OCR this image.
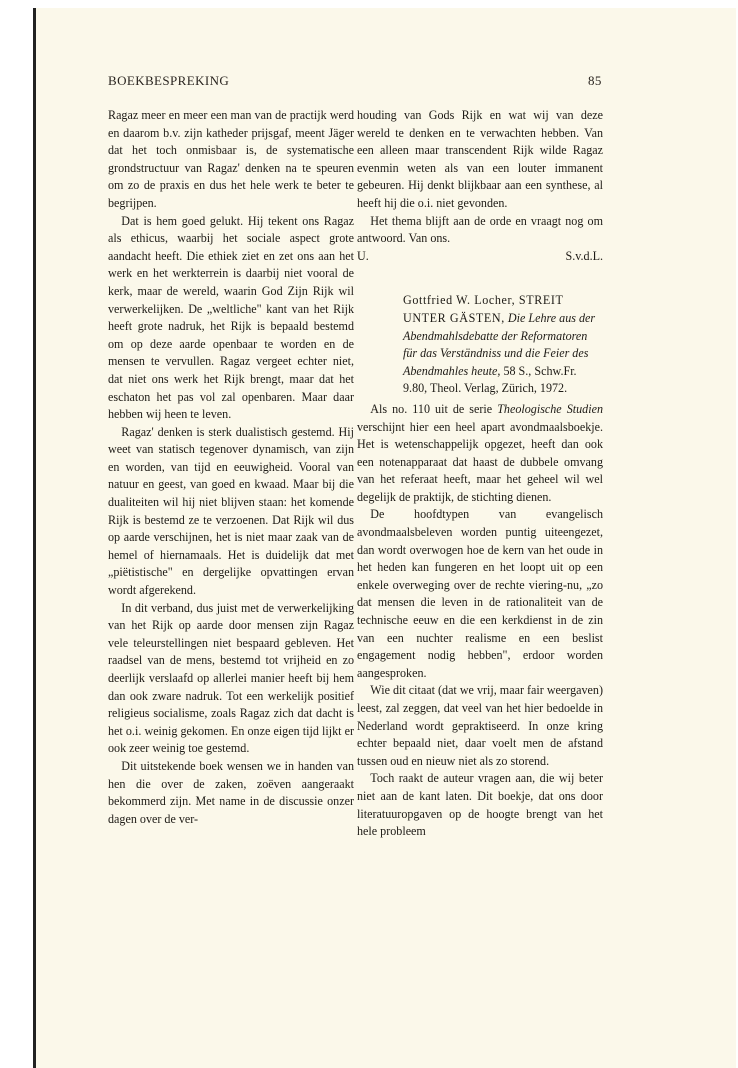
BOEKBESPREKING	85

Ragaz meer en meer een man van de practijk werd en daarom b.v. zijn katheder prijsgaf, meent Jäger dat het toch onmisbaar is, de systematische grondstructuur van Ragaz' denken na te speuren om zo de praxis en dus het hele werk te beter te begrijpen.

Dat is hem goed gelukt. Hij tekent ons Ragaz als ethicus, waarbij het sociale aspect grote aandacht heeft. Die ethiek ziet en zet ons aan het werk en het werkterrein is daarbij niet vooral de kerk, maar de wereld, waarin God Zijn Rijk wil verwerkelijken. De „weltliche" kant van het Rijk heeft grote nadruk, het Rijk is bepaald bestemd om op deze aarde openbaar te worden en de mensen te vervullen. Ragaz vergeet echter niet, dat niet ons werk het Rijk brengt, maar dat het eschaton het pas vol zal openbaren. Maar daar hebben wij heen te leven.

Ragaz' denken is sterk dualistisch gestemd. Hij weet van statisch tegenover dynamisch, van zijn en worden, van tijd en eeuwigheid. Vooral van natuur en geest, van goed en kwaad. Maar bij die dualiteiten wil hij niet blijven staan: het komende Rijk is bestemd ze te verzoenen. Dat Rijk wil dus op aarde verschijnen, het is niet maar zaak van de hemel of hiernamaals. Het is duidelijk dat met „piëtistische" en dergelijke opvattingen ervan wordt afgerekend.

In dit verband, dus juist met de verwerkelijking van het Rijk op aarde door mensen zijn Ragaz vele teleurstellingen niet bespaard gebleven. Het raadsel van de mens, bestemd tot vrijheid en zo deerlijk verslaafd op allerlei manier heeft bij hem dan ook zware nadruk. Tot een werkelijk positief religieus socialisme, zoals Ragaz zich dat dacht is het o.i. weinig gekomen. En onze eigen tijd lijkt er ook zeer weinig toe gestemd.

Dit uitstekende boek wensen we in handen van hen die over de zaken, zoëven aangeraakt bekommerd zijn. Met name in de discussie onzer dagen over de ver-

houding van Gods Rijk en wat wij van deze wereld te denken en te verwachten hebben. Van een alleen maar transcendent Rijk wilde Ragaz evenmin weten als van een louter immanent gebeuren. Hij denkt blijkbaar aan een synthese, al heeft hij die o.i. niet gevonden.

Het thema blijft aan de orde en vraagt nog om antwoord. Van ons.

U.	S.v.d.L.
Gottfried W. Locher, STREIT UNTER GÄSTEN, Die Lehre aus der Abendmahlsdebatte der Reformatoren für das Verständniss und die Feier des Abendmahles heute, 58 S., Schw.Fr. 9.80, Theol. Verlag, Zürich, 1972.

Als no. 110 uit de serie Theologische Studien verschijnt hier een heel apart avondmaalsboekje. Het is wetenschappelijk opgezet, heeft dan ook een notenapparaat dat haast de dubbele omvang van het referaat heeft, maar het geheel wil wel degelijk de praktijk, de stichting dienen.

De hoofdtypen van evangelisch avondmaalsbeleven worden puntig uiteengezet, dan wordt overwogen hoe de kern van het oude in het heden kan fungeren en het loopt uit op een enkele overweging over de rechte viering-nu, „zo dat mensen die leven in de rationaliteit van de technische eeuw en die een kerkdienst in de zin van een nuchter realisme en een beslist engagement nodig hebben", erdoor worden aangesproken.

Wie dit citaat (dat we vrij, maar fair weergaven) leest, zal zeggen, dat veel van het hier bedoelde in Nederland wordt gepraktiseerd. In onze kring echter bepaald niet, daar voelt men de afstand tussen oud en nieuw niet als zo storend.

Toch raakt de auteur vragen aan, die wij beter niet aan de kant laten. Dit boekje, dat ons door literatuuropgaven op de hoogte brengt van het hele probleem
